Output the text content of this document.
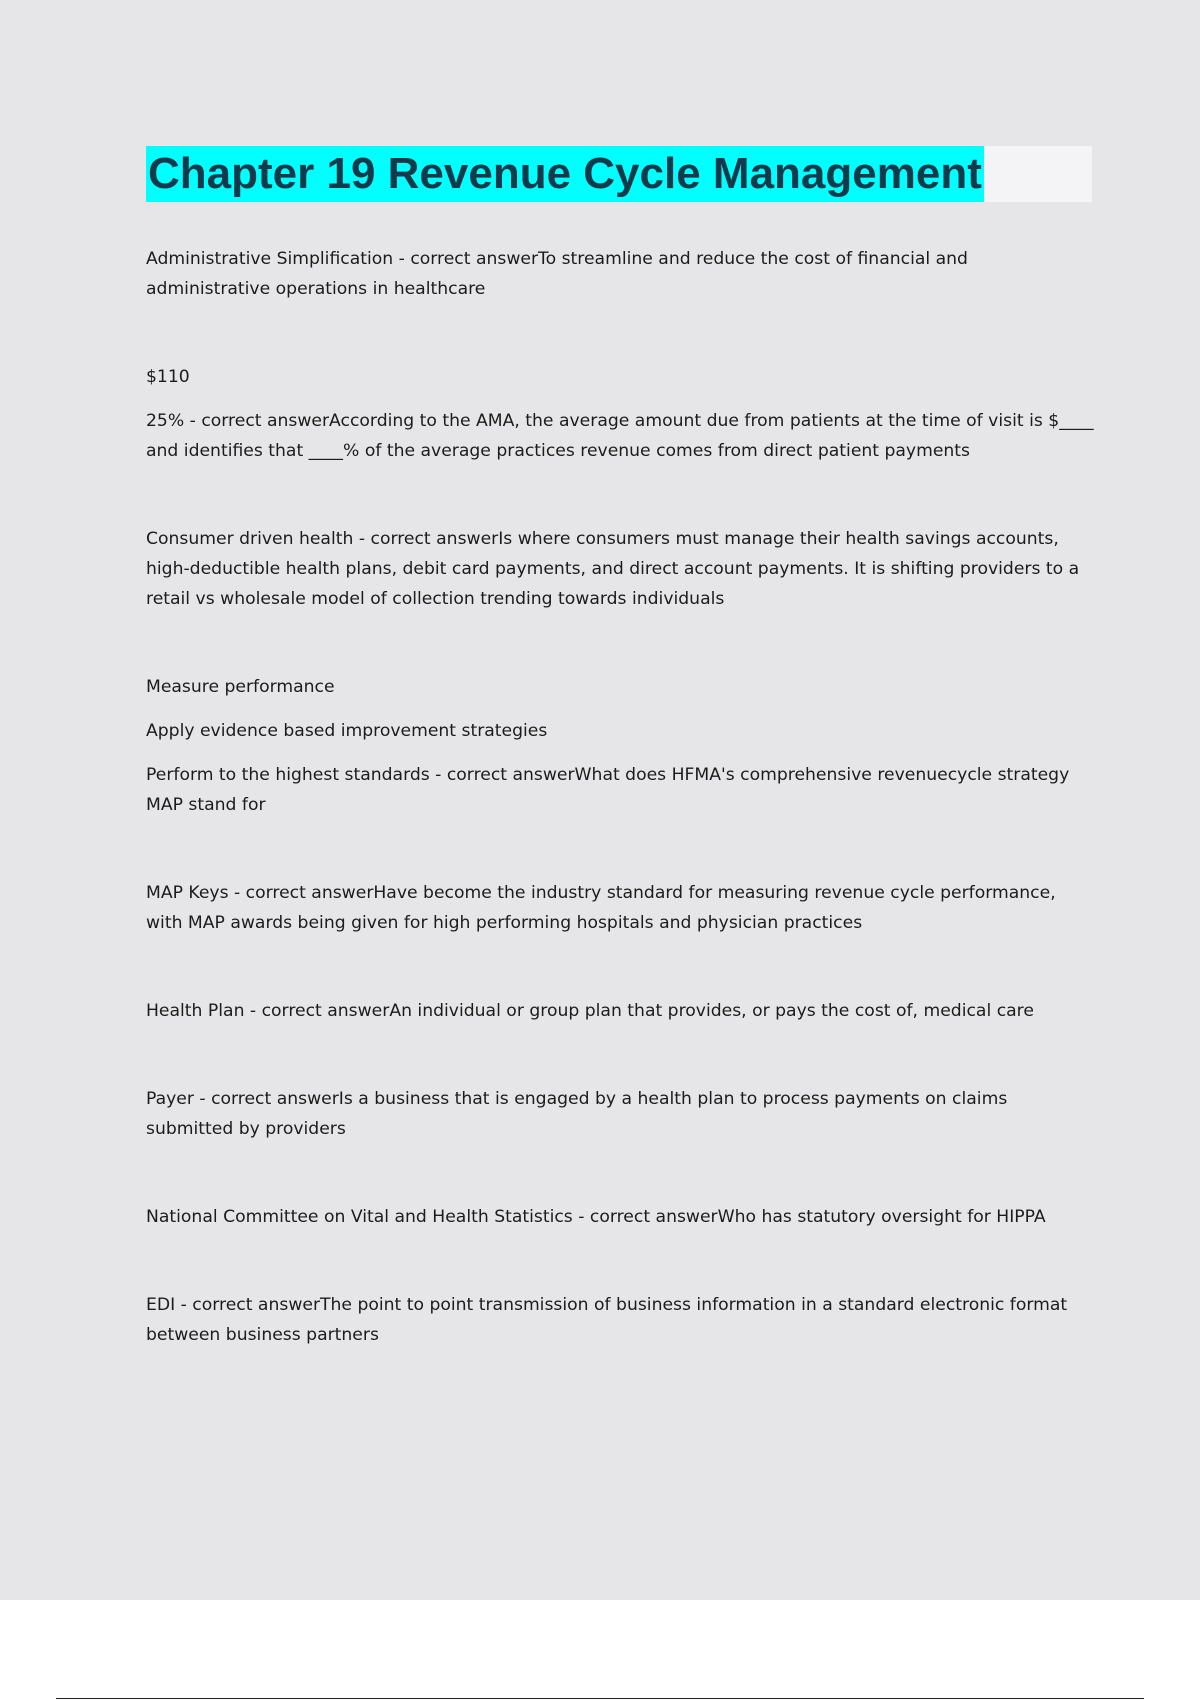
Chapter 19 Revenue Cycle Management

Administrative Simplification - correct answerTo streamline and reduce the cost of financial and administrative operations in healthcare

$110

25% - correct answerAccording to the AMA, the average amount due from patients at the time of visit is $____ and identifies that ____% of the average practices revenue comes from direct patient payments

Consumer driven health - correct answerIs where consumers must manage their health savings accounts, high-deductible health plans, debit card payments, and direct account payments. It is shifting providers to a retail vs wholesale model of collection trending towards individuals

Measure performance

Apply evidence based improvement strategies

Perform to the highest standards - correct answerWhat does HFMA's comprehensive revenuecycle strategy MAP stand for

MAP Keys - correct answerHave become the industry standard for measuring revenue cycle performance, with MAP awards being given for high performing hospitals and physician practices

Health Plan - correct answerAn individual or group plan that provides, or pays the cost of, medical care

Payer - correct answerIs a business that is engaged by a health plan to process payments on claims submitted by providers

National Committee on Vital and Health Statistics - correct answerWho has statutory oversight for HIPPA

EDI - correct answerThe point to point transmission of business information in a standard electronic format between business partners
